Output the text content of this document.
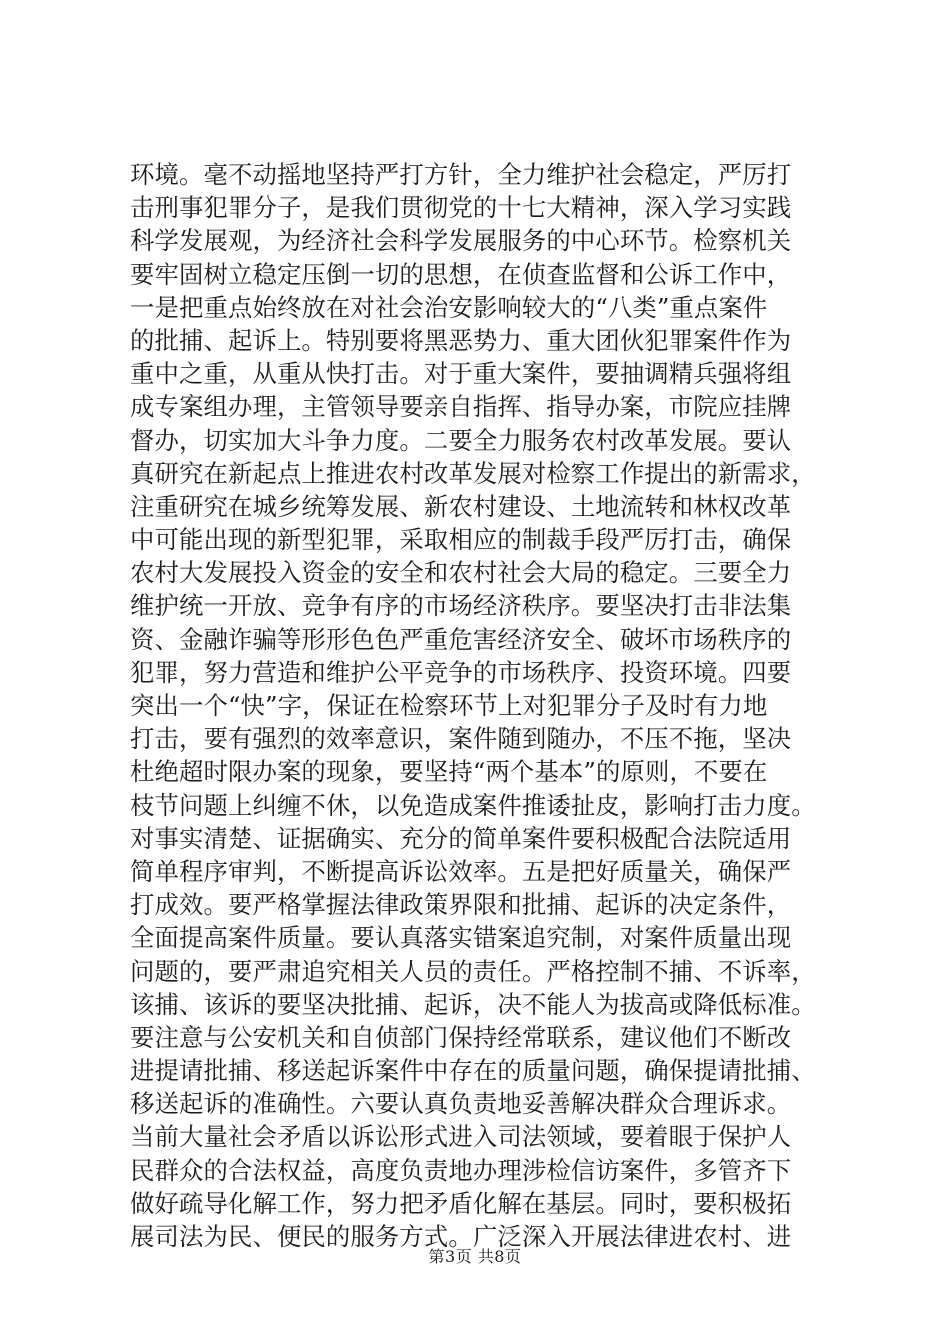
环境。毫不动摇地坚持严打方针，全力维护社会稳定，严厉打
击刑事犯罪分子，是我们贯彻党的十七大精神，深入学习实践
科学发展观，为经济社会科学发展服务的中心环节。检察机关
要牢固树立稳定压倒一切的思想，在侦查监督和公诉工作中，
一是把重点始终放在对社会治安影响较大的“八类”重点案件
的批捕、起诉上。特别要将黑恶势力、重大团伙犯罪案件作为
重中之重，从重从快打击。对于重大案件，要抽调精兵强将组
成专案组办理，主管领导要亲自指挥、指导办案，市院应挂牌
督办，切实加大斗争力度。二要全力服务农村改革发展。要认
真研究在新起点上推进农村改革发展对检察工作提出的新需求，
注重研究在城乡统筹发展、新农村建设、土地流转和林权改革
中可能出现的新型犯罪，采取相应的制裁手段严厉打击，确保
农村大发展投入资金的安全和农村社会大局的稳定。三要全力
维护统一开放、竞争有序的市场经济秩序。要坚决打击非法集
资、金融诈骗等形形色色严重危害经济安全、破坏市场秩序的
犯罪，努力营造和维护公平竞争的市场秩序、投资环境。四要
突出一个“快”字，保证在检察环节上对犯罪分子及时有力地
打击，要有强烈的效率意识，案件随到随办，不压不拖，坚决
杜绝超时限办案的现象，要坚持“两个基本”的原则，不要在
枝节问题上纠缠不休，以免造成案件推诿扯皮，影响打击力度。
对事实清楚、证据确实、充分的简单案件要积极配合法院适用
简单程序审判，不断提高诉讼效率。五是把好质量关，确保严
打成效。要严格掌握法律政策界限和批捕、起诉的决定条件，
全面提高案件质量。要认真落实错案追究制，对案件质量出现
问题的，要严肃追究相关人员的责任。严格控制不捕、不诉率，
该捕、该诉的要坚决批捕、起诉，决不能人为拔高或降低标准。
要注意与公安机关和自侦部门保持经常联系，建议他们不断改
进提请批捕、移送起诉案件中存在的质量问题，确保提请批捕、
移送起诉的准确性。六要认真负责地妥善解决群众合理诉求。
当前大量社会矛盾以诉讼形式进入司法领域，要着眼于保护人
民群众的合法权益，高度负责地办理涉检信访案件，多管齐下
做好疏导化解工作，努力把矛盾化解在基层。同时，要积极拓
展司法为民、便民的服务方式。广泛深入开展法律进农村、进
第3页 共8页
